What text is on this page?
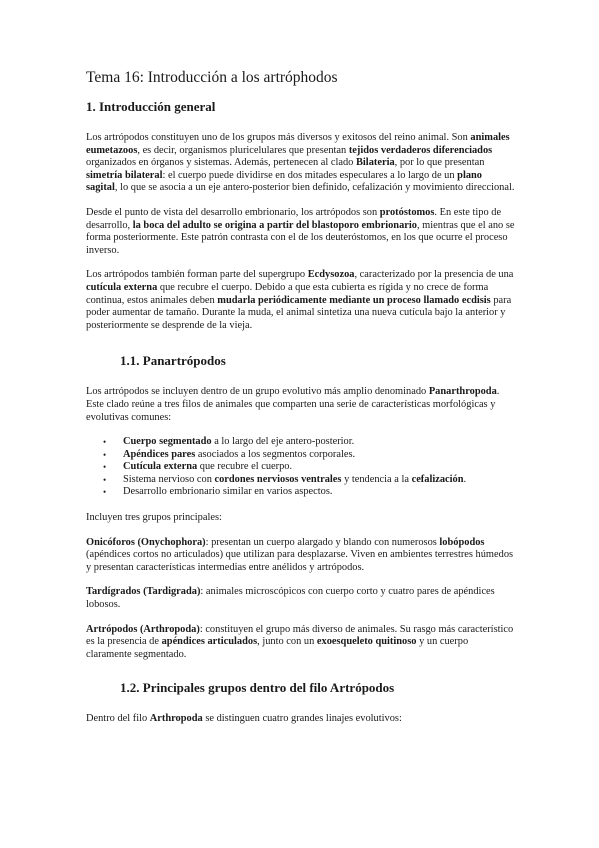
Tema 16: Introducción a los artróphodos
1. Introducción general

Los artrópodos constituyen uno de los grupos más diversos y exitosos del reino animal. Son animales eumetazoos, es decir, organismos pluricelulares que presentan tejidos verdaderos diferenciados organizados en órganos y sistemas. Además, pertenecen al clado Bilateria, por lo que presentan simetría bilateral: el cuerpo puede dividirse en dos mitades especulares a lo largo de un plano sagital, lo que se asocia a un eje antero-posterior bien definido, cefalización y movimiento direccional.

Desde el punto de vista del desarrollo embrionario, los artrópodos son protóstomos. En este tipo de desarrollo, la boca del adulto se origina a partir del blastoporo embrionario, mientras que el ano se forma posteriormente. Este patrón contrasta con el de los deuteróstomos, en los que ocurre el proceso inverso.

Los artrópodos también forman parte del supergrupo Ecdysozoa, caracterizado por la presencia de una cutícula externa que recubre el cuerpo. Debido a que esta cubierta es rígida y no crece de forma continua, estos animales deben mudarla periódicamente mediante un proceso llamado ecdisis para poder aumentar de tamaño. Durante la muda, el animal sintetiza una nueva cutícula bajo la anterior y posteriormente se desprende de la vieja.

1.1. Panartrópodos

Los artrópodos se incluyen dentro de un grupo evolutivo más amplio denominado Panarthropoda. Este clado reúne a tres filos de animales que comparten una serie de características morfológicas y evolutivas comunes:

• Cuerpo segmentado a lo largo del eje antero-posterior.
• Apéndices pares asociados a los segmentos corporales.
• Cutícula externa que recubre el cuerpo.
• Sistema nervioso con cordones nerviosos ventrales y tendencia a la cefalización.
• Desarrollo embrionario similar en varios aspectos.

Incluyen tres grupos principales:

Onicóforos (Onychophora): presentan un cuerpo alargado y blando con numerosos lobópodos (apéndices cortos no articulados) que utilizan para desplazarse. Viven en ambientes terrestres húmedos y presentan características intermedias entre anélidos y artrópodos.

Tardígrados (Tardigrada): animales microscópicos con cuerpo corto y cuatro pares de apéndices lobosos.

Artrópodos (Arthropoda): constituyen el grupo más diverso de animales. Su rasgo más característico es la presencia de apéndices articulados, junto con un exoesqueleto quitinoso y un cuerpo claramente segmentado.

1.2. Principales grupos dentro del filo Artrópodos

Dentro del filo Arthropoda se distinguen cuatro grandes linajes evolutivos:
